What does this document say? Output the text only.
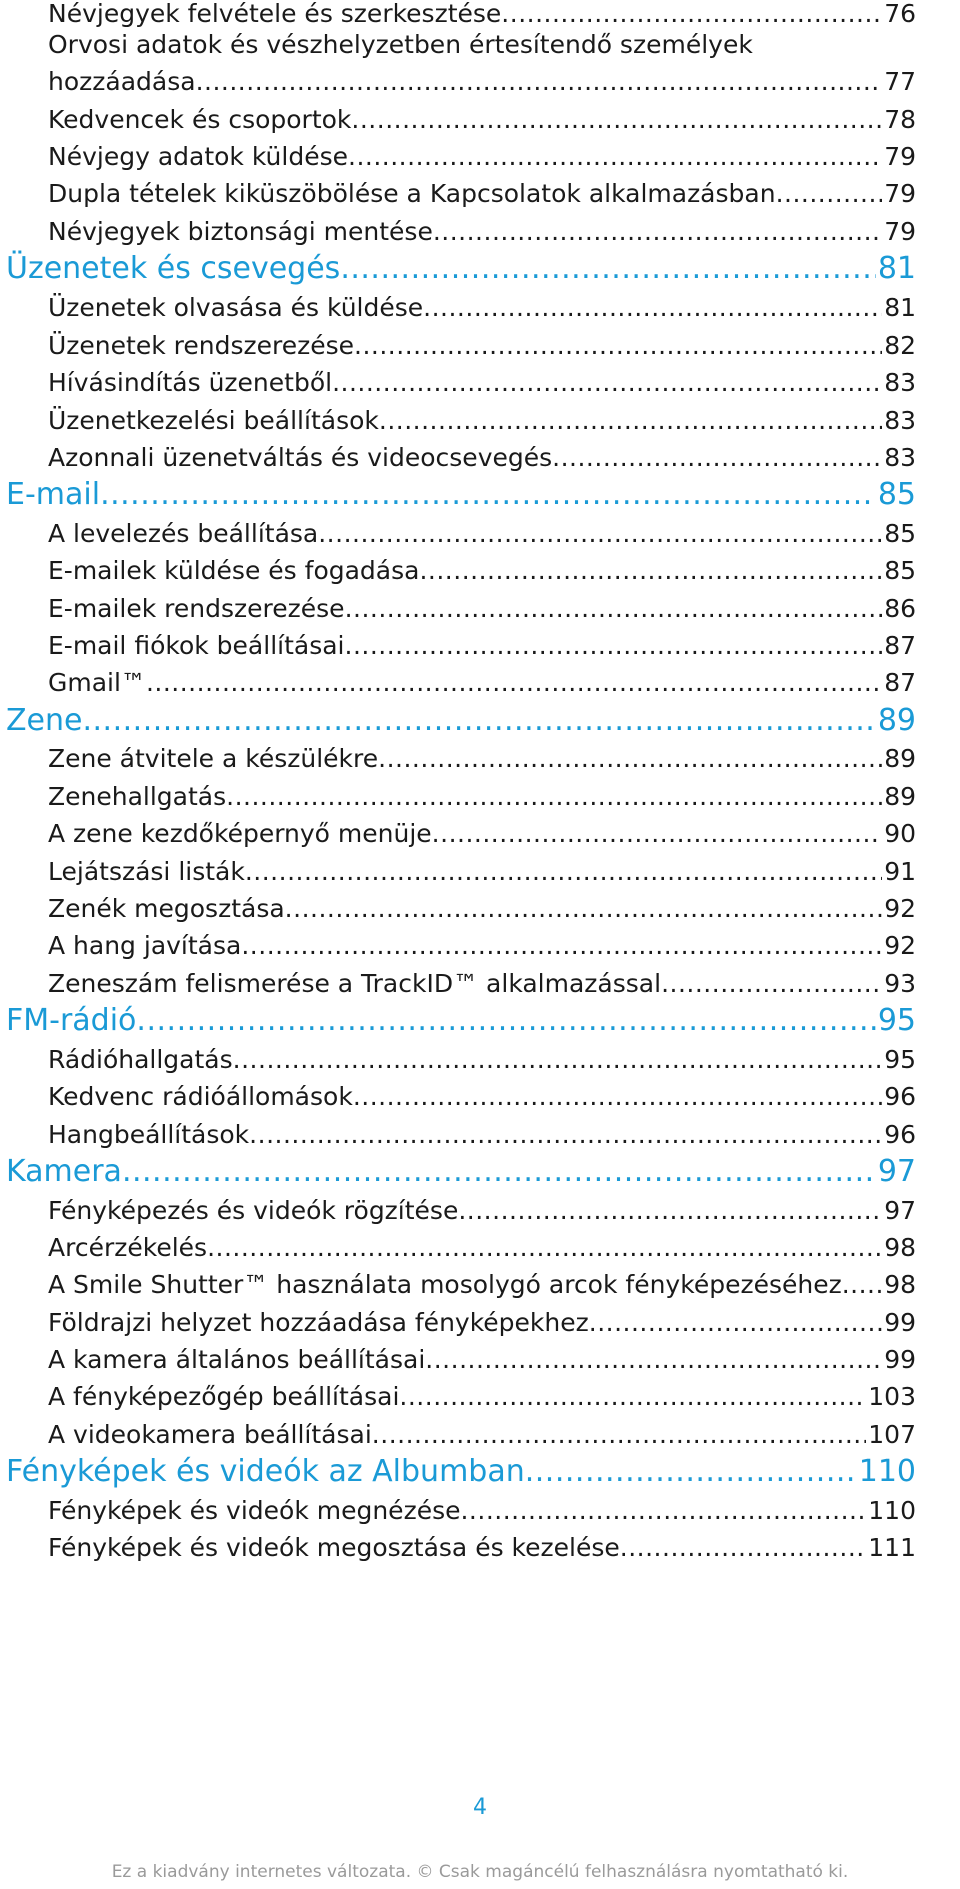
Névjegyek felvétele és szerkesztése .....	76
Orvosi adatok és vészhelyzetben értesítendő személyek
hozzáadása .....	77
Kedvencek és csoportok .....	78
Névjegy adatok küldése .....	79
Dupla tételek kiküszöbölése a Kapcsolatok alkalmazásban .....	79
Névjegyek biztonsági mentése .....	79
Üzenetek és csevegés .....	81
Üzenetek olvasása és küldése .....	81
Üzenetek rendszerezése .....	82
Hívásindítás üzenetből .....	83
Üzenetkezelési beállítások .....	83
Azonnali üzenetváltás és videocsevegés .....	83
E-mail .....	85
A levelezés beállítása .....	85
E-mailek küldése és fogadása .....	85
E-mailek rendszerezése .....	86
E-mail fiókok beállításai .....	87
Gmail™ .....	87
Zene .....	89
Zene átvitele a készülékre .....	89
Zenehallgatás .....	89
A zene kezdőképernyő menüje .....	90
Lejátszási listák .....	91
Zenék megosztása .....	92
A hang javítása .....	92
Zeneszám felismerése a TrackID™ alkalmazással .....	93
FM-rádió .....	95
Rádióhallgatás .....	95
Kedvenc rádióállomások .....	96
Hangbeállítások .....	96
Kamera .....	97
Fényképezés és videók rögzítése .....	97
Arcérzékelés .....	98
A Smile Shutter™ használata mosolygó arcok fényképezéséhez ..... 98
Földrajzi helyzet hozzáadása fényképekhez .....	99
A kamera általános beállításai .....	99
A fényképezőgép beállításai .....	103
A videokamera beállításai .....	107
Fényképek és videók az Albumban .....	110
Fényképek és videók megnézése .....	110
Fényképek és videók megosztása és kezelése .....	111
4
Ez a kiadvány internetes változata. © Csak magáncélú felhasználásra nyomtatható ki.
